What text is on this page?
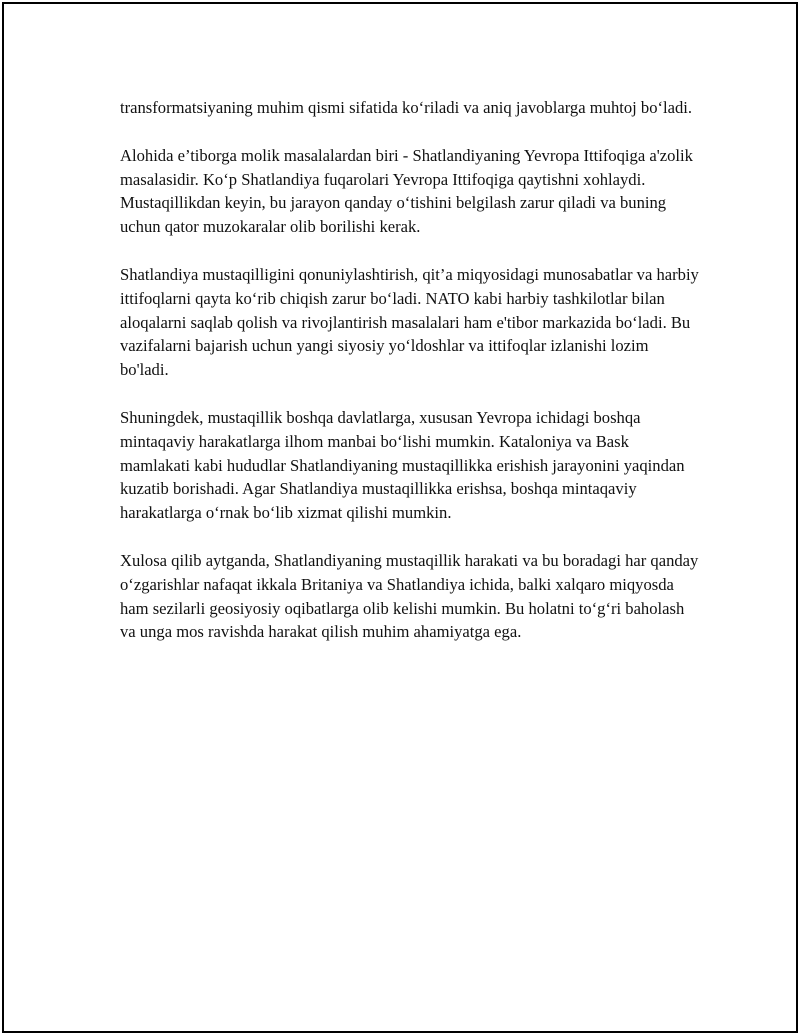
transformatsiyaning muhim qismi sifatida ko‘riladi va aniq javoblarga muhtoj bo‘ladi.

Alohida e’tiborga molik masalalardan biri - Shatlandiyaning Yevropa Ittifoqiga a'zolik masalasidir. Ko‘p Shatlandiya fuqarolari Yevropa Ittifoqiga qaytishni xohlaydi. Mustaqillikdan keyin, bu jarayon qanday o‘tishini belgilash zarur qiladi va buning uchun qator muzokaralar olib borilishi kerak.

Shatlandiya mustaqilligini qonuniylashtirish, qit’a miqyosidagi munosabatlar va harbiy ittifoqlarni qayta ko‘rib chiqish zarur bo‘ladi. NATO kabi harbiy tashkilotlar bilan aloqalarni saqlab qolish va rivojlantirish masalalari ham e'tibor markazida bo‘ladi. Bu vazifalarni bajarish uchun yangi siyosiy yo‘ldoshlar va ittifoqlar izlanishi lozim bo'ladi.

Shuningdek, mustaqillik boshqa davlatlarga, xususan Yevropa ichidagi boshqa mintaqaviy harakatlarga ilhom manbai bo‘lishi mumkin. Kataloniya va Bask mamlakati kabi hududlar Shatlandiyaning mustaqillikka erishish jarayonini yaqindan kuzatib borishadi. Agar Shatlandiya mustaqillikka erishsa, boshqa mintaqaviy harakatlarga o‘rnak bo‘lib xizmat qilishi mumkin.

Xulosa qilib aytganda, Shatlandiyaning mustaqillik harakati va bu boradagi har qanday o‘zgarishlar nafaqat ikkala Britaniya va Shatlandiya ichida, balki xalqaro miqyosda ham sezilarli geosiyosiy oqibatlarga olib kelishi mumkin. Bu holatni to‘g‘ri baholash va unga mos ravishda harakat qilish muhim ahamiyatga ega.
